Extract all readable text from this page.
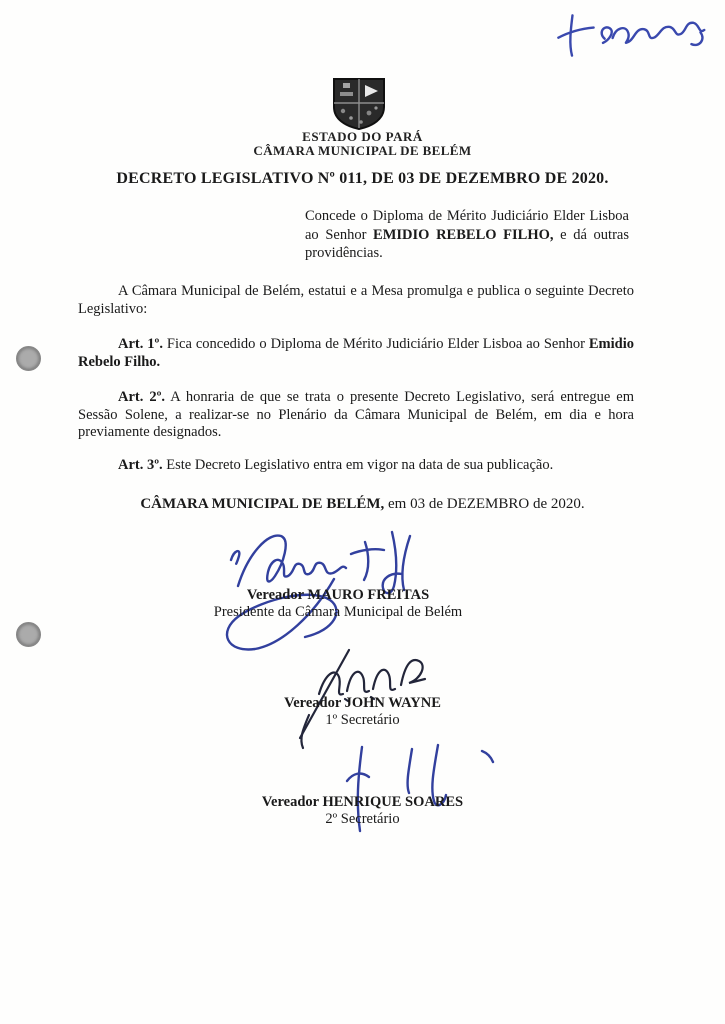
ESTADO DO PARÁ
CÂMARA MUNICIPAL DE BELÉM
DECRETO LEGISLATIVO Nº 011, DE 03 DE DEZEMBRO DE 2020.
Concede o Diploma de Mérito Judiciário Elder Lisboa ao Senhor EMIDIO REBELO FILHO, e dá outras providências.
A Câmara Municipal de Belém, estatui e a Mesa promulga e publica o seguinte Decreto Legislativo:
Art. 1º. Fica concedido o Diploma de Mérito Judiciário Elder Lisboa ao Senhor Emidio Rebelo Filho.
Art. 2º. A honraria de que se trata o presente Decreto Legislativo, será entregue em Sessão Solene, a realizar-se no Plenário da Câmara Municipal de Belém, em dia e hora previamente designados.
Art. 3º. Este Decreto Legislativo entra em vigor na data de sua publicação.
CÂMARA MUNICIPAL DE BELÉM, em 03 de DEZEMBRO de 2020.
Vereador MAURO FREITAS
Presidente da Câmara Municipal de Belém
Vereador JOHN WAYNE
1º Secretário
Vereador HENRIQUE SOARES
2º Secretário
